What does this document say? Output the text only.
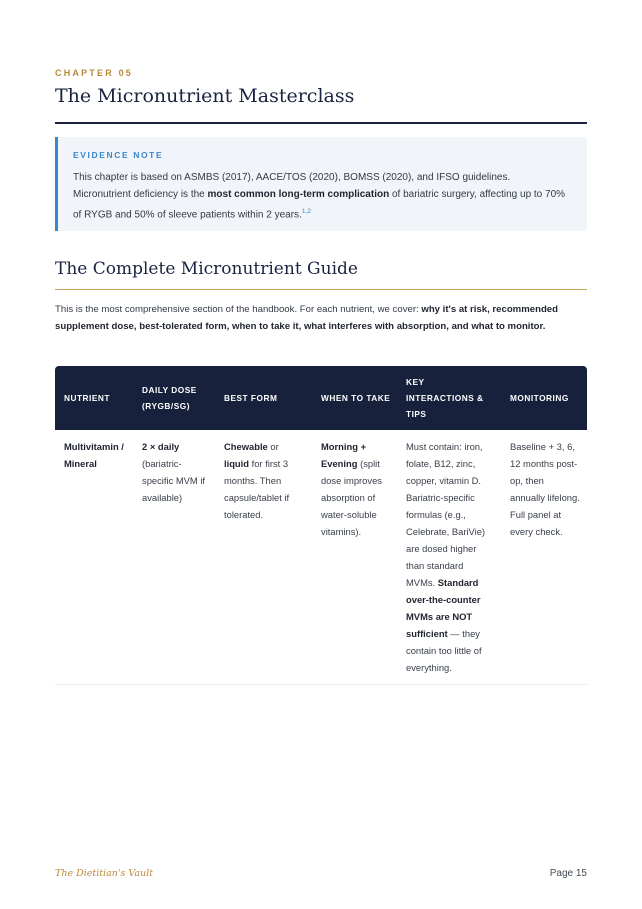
CHAPTER 05
The Micronutrient Masterclass
EVIDENCE NOTE
This chapter is based on ASMBS (2017), AACE/TOS (2020), BOMSS (2020), and IFSO guidelines.
Micronutrient deficiency is the most common long-term complication of bariatric surgery, affecting up to 70% of RYGB and 50% of sleeve patients within 2 years.$^{1,2}$
The Complete Micronutrient Guide
This is the most comprehensive section of the handbook. For each nutrient, we cover: why it's at risk, recommended supplement dose, best-tolerated form, when to take it, what interferes with absorption, and what to monitor.
NUTRIENT	DAILY DOSE (RYGB/SG)	BEST FORM	WHEN TO TAKE	KEY INTERACTIONS & TIPS	MONITORING
Multivitamin / Mineral	2 × daily (bariatric-specific MVM if available)	Chewable or liquid for first 3 months. Then capsule/tablet if tolerated.	Morning + Evening (split dose improves absorption of water-soluble vitamins).	Must contain: iron, folate, B12, zinc, copper, vitamin D. Bariatric-specific formulas (e.g., Celebrate, BariVie) are dosed higher than standard MVMs. Standard over-the-counter MVMs are NOT sufficient — they contain too little of everything.	Baseline + 3, 6, 12 months post-op, then annually lifelong. Full panel at every check.
The Dietitian's Vault	Page 15
